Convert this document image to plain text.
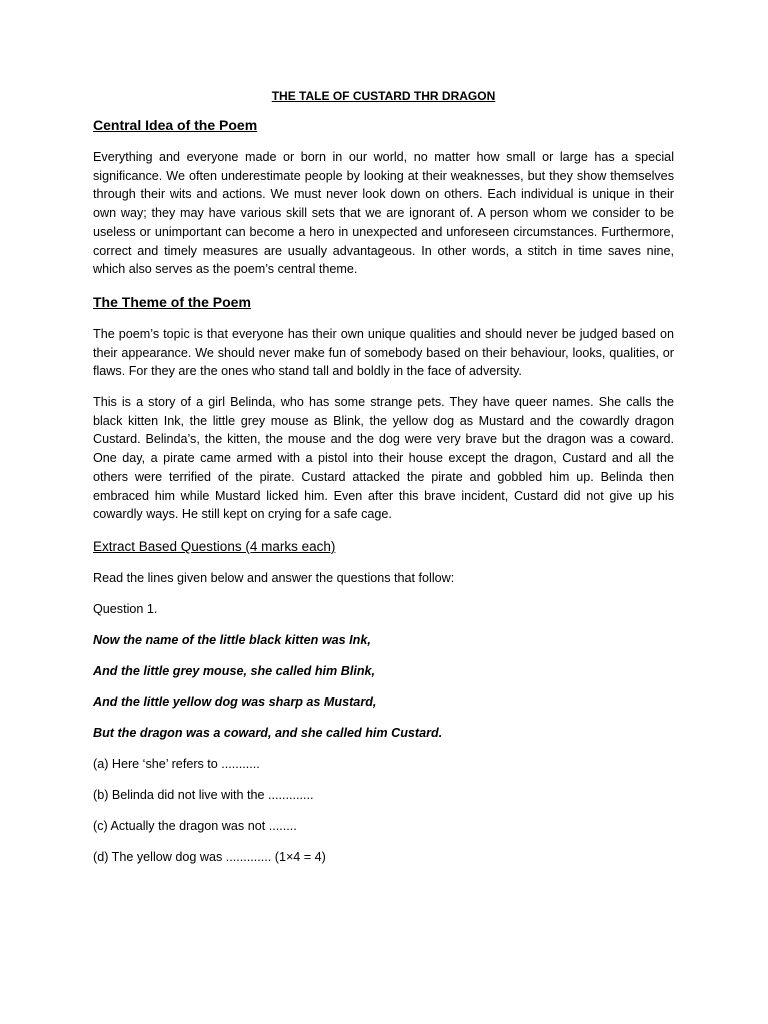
THE TALE OF CUSTARD THR DRAGON
Central Idea of the Poem

Everything and everyone made or born in our world, no matter how small or large has a special significance. We often underestimate people by looking at their weaknesses, but they show themselves through their wits and actions. We must never look down on others. Each individual is unique in their own way; they may have various skill sets that we are ignorant of. A person whom we consider to be useless or unimportant can become a hero in unexpected and unforeseen circumstances. Furthermore, correct and timely measures are usually advantageous. In other words, a stitch in time saves nine, which also serves as the poem’s central theme.

The Theme of the Poem

The poem’s topic is that everyone has their own unique qualities and should never be judged based on their appearance. We should never make fun of somebody based on their behaviour, looks, qualities, or flaws. For they are the ones who stand tall and boldly in the face of adversity.

This is a story of a girl Belinda, who has some strange pets. They have queer names. She calls the black kitten Ink, the little grey mouse as Blink, the yellow dog as Mustard and the cowardly dragon Custard. Belinda’s, the kitten, the mouse and the dog were very brave but the dragon was a coward. One day, a pirate came armed with a pistol into their house except the dragon, Custard and all the others were terrified of the pirate. Custard attacked the pirate and gobbled him up. Belinda then embraced him while Mustard licked him. Even after this brave incident, Custard did not give up his cowardly ways. He still kept on crying for a safe cage.

Extract Based Questions (4 marks each)
Read the lines given below and answer the questions that follow:
Question 1.
Now the name of the little black kitten was Ink,
And the little grey mouse, she called him Blink,
And the little yellow dog was sharp as Mustard,
But the dragon was a coward, and she called him Custard.
(a) Here ‘she’ refers to ...........
(b) Belinda did not live with the .............
(c) Actually the dragon was not ........
(d) The yellow dog was ............. (1×4 = 4)
